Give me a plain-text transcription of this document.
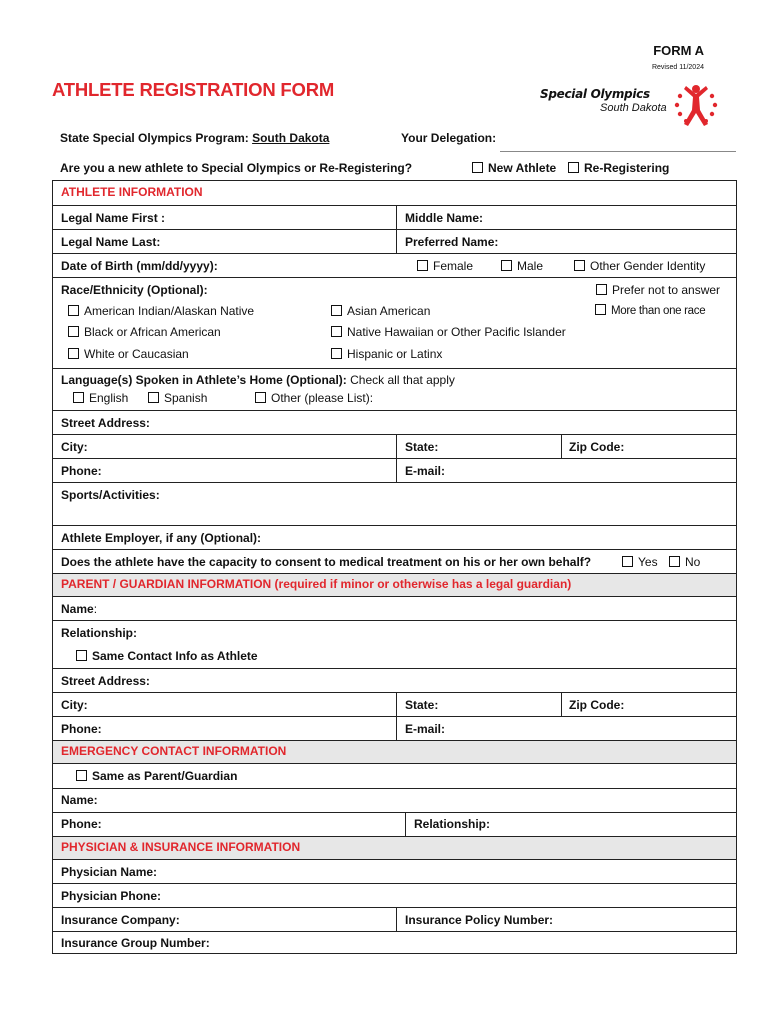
FORM A
Revised 11/2024
ATHLETE REGISTRATION FORM	Special Olympics
South Dakota
State Special Olympics Program: South Dakota	Your Delegation:
Are you a new athlete to Special Olympics or Re-Registering?	New Athlete	Re-Registering
ATHLETE INFORMATION
Legal Name First :	Middle Name:
Legal Name Last:	Preferred Name:
Date of Birth (mm/dd/yyyy):	Female	Male	Other Gender Identity
Race/Ethnicity (Optional):	Prefer not to answer
American Indian/Alaskan Native	Asian American	More than one race
Black or African American	Native Hawaiian or Other Pacific Islander
White or Caucasian	Hispanic or Latinx
Language(s) Spoken in Athlete’s Home (Optional): Check all that apply
English	Spanish	Other (please List):
Street Address:
City:	State:	Zip Code:
Phone:	E-mail:
Sports/Activities:
Athlete Employer, if any (Optional):
Does the athlete have the capacity to consent to medical treatment on his or her own behalf?	Yes	No
PARENT / GUARDIAN INFORMATION (required if minor or otherwise has a legal guardian)
Name:
Relationship:
Same Contact Info as Athlete
Street Address:
City:	State:	Zip Code:
Phone:	E-mail:
EMERGENCY CONTACT INFORMATION
Same as Parent/Guardian
Name:
Phone:	Relationship:
PHYSICIAN & INSURANCE INFORMATION
Physician Name:
Physician Phone:
Insurance Company:	Insurance Policy Number:
Insurance Group Number:
